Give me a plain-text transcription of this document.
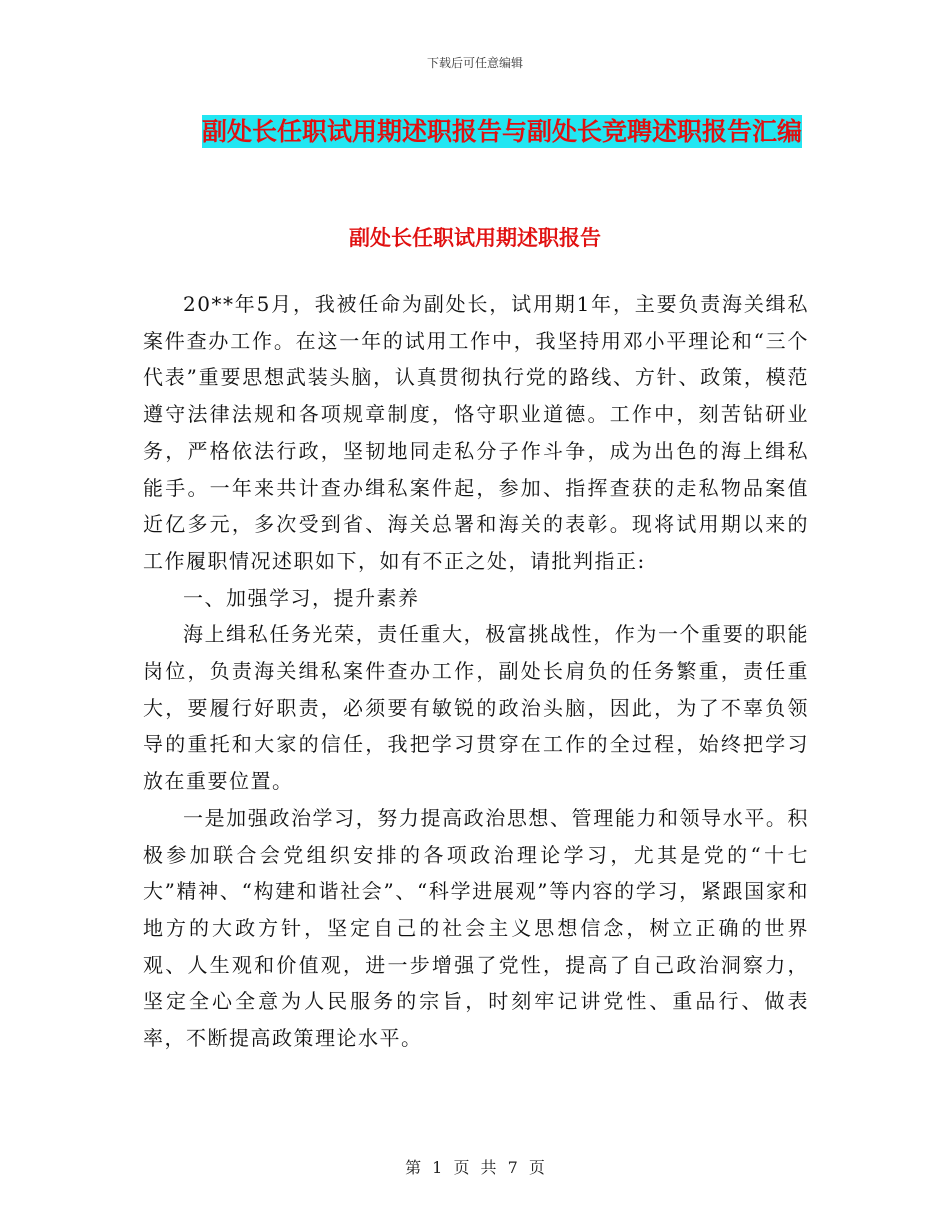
下载后可任意编辑
副处长任职试用期述职报告与副处长竞聘述职报告汇编
副处长任职试用期述职报告

20**年5月，我被任命为副处长，试用期1年，主要负责海关缉私案件查办工作。在这一年的试用工作中，我坚持用邓小平理论和“三个代表”重要思想武装头脑，认真贯彻执行党的路线、方针、政策，模范遵守法律法规和各项规章制度，恪守职业道德。工作中，刻苦钻研业务，严格依法行政，坚韧地同走私分子作斗争，成为出色的海上缉私能手。一年来共计查办缉私案件起，参加、指挥查获的走私物品案值近亿多元，多次受到省、海关总署和海关的表彰。现将试用期以来的工作履职情况述职如下，如有不正之处，请批判指正:

一、加强学习，提升素养

海上缉私任务光荣，责任重大，极富挑战性，作为一个重要的职能岗位，负责海关缉私案件查办工作，副处长肩负的任务繁重，责任重大，要履行好职责，必须要有敏锐的政治头脑，因此，为了不辜负领导的重托和大家的信任，我把学习贯穿在工作的全过程，始终把学习放在重要位置。

一是加强政治学习，努力提高政治思想、管理能力和领导水平。积极参加联合会党组织安排的各项政治理论学习，尤其是党的“十七大”精神、“构建和谐社会”、“科学进展观”等内容的学习，紧跟国家和地方的大政方针，坚定自己的社会主义思想信念，树立正确的世界观、人生观和价值观，进一步增强了党性，提高了自己政治洞察力，坚定全心全意为人民服务的宗旨，时刻牢记讲党性、重品行、做表率，不断提高政策理论水平。

第 1 页 共 7 页
